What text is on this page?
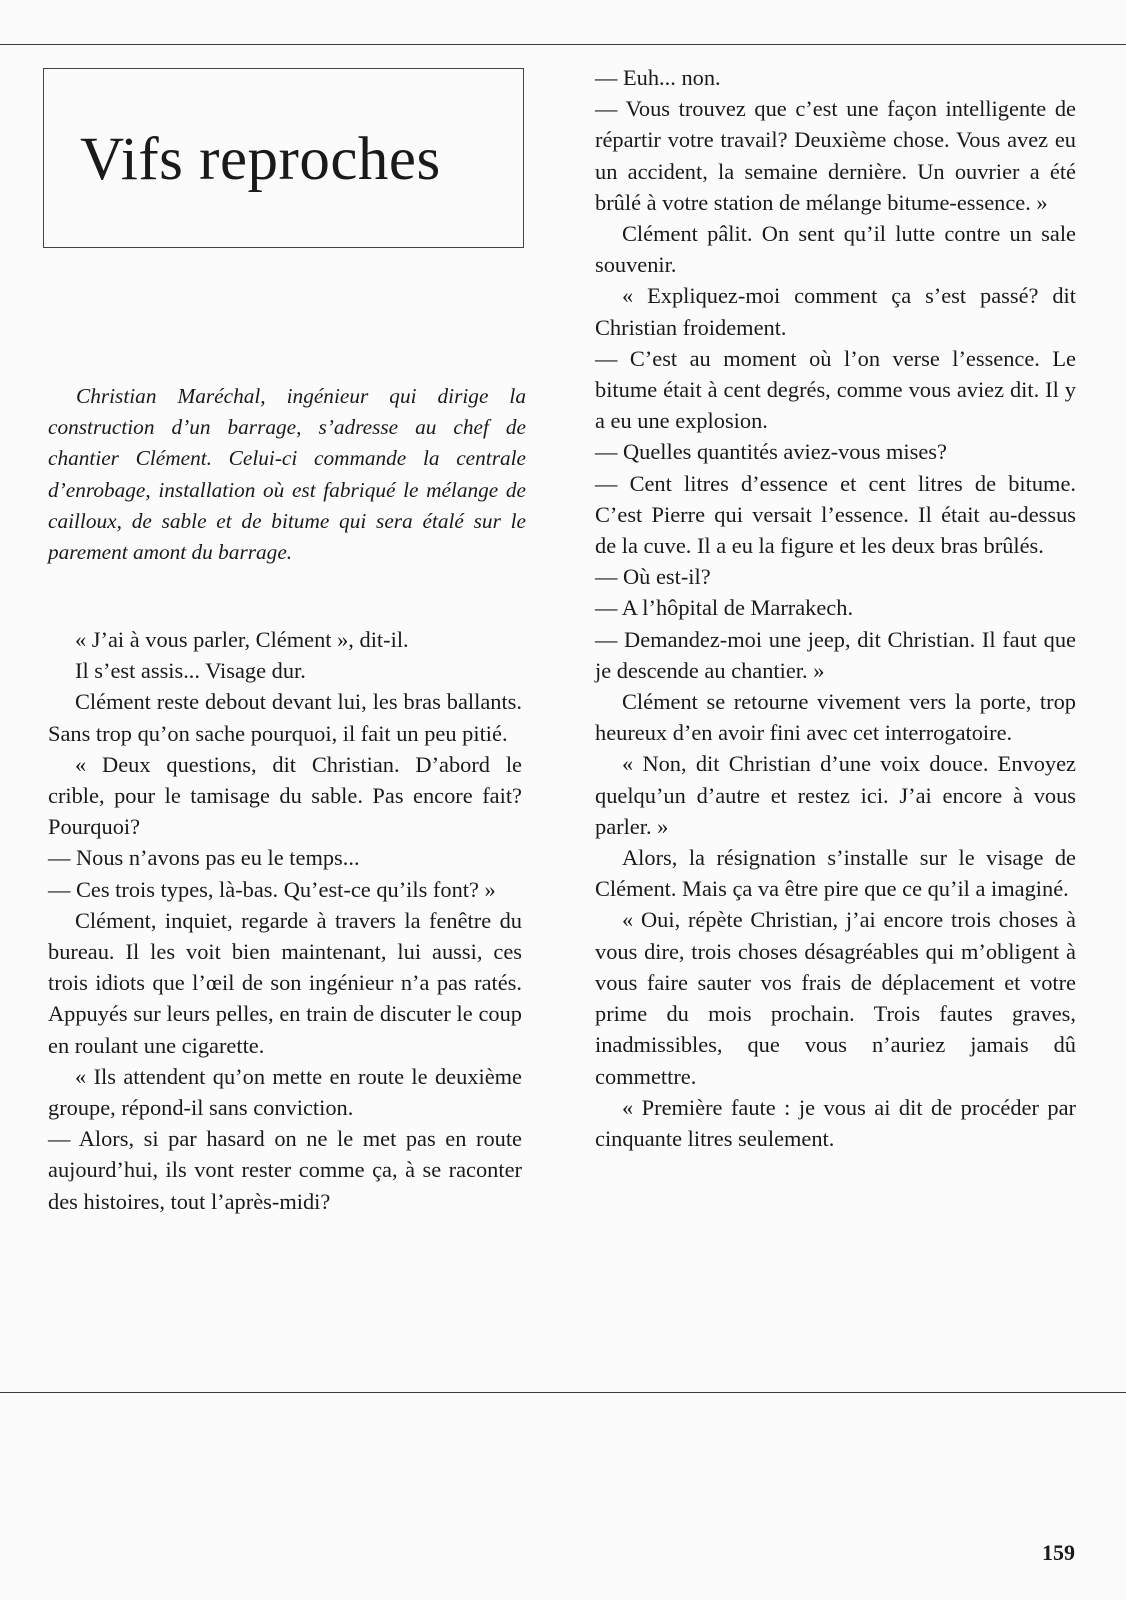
Vifs reproches

Christian Maréchal, ingénieur qui dirige la construction d’un barrage, s’adresse au chef de chantier Clément. Celui-ci commande la centrale d’enrobage, installation où est fabriqué le mélange de cailloux, de sable et de bitume qui sera étalé sur le parement amont du barrage.

« J’ai à vous parler, Clément », dit-il.

Il s’est assis... Visage dur.

Clément reste debout devant lui, les bras ballants. Sans trop qu’on sache pourquoi, il fait un peu pitié.

« Deux questions, dit Christian. D’abord le crible, pour le tamisage du sable. Pas encore fait? Pourquoi?

— Nous n’avons pas eu le temps...

— Ces trois types, là-bas. Qu’est-ce qu’ils font? »

Clément, inquiet, regarde à travers la fenêtre du bureau. Il les voit bien maintenant, lui aussi, ces trois idiots que l’œil de son ingénieur n’a pas ratés. Appuyés sur leurs pelles, en train de discuter le coup en roulant une cigarette.

« Ils attendent qu’on mette en route le deuxième groupe, répond-il sans conviction.

— Alors, si par hasard on ne le met pas en route aujourd’hui, ils vont rester comme ça, à se raconter des histoires, tout l’après-midi?

— Euh... non.

— Vous trouvez que c’est une façon intelligente de répartir votre travail? Deuxième chose. Vous avez eu un accident, la semaine dernière. Un ouvrier a été brûlé à votre station de mélange bitume-essence. »

Clément pâlit. On sent qu’il lutte contre un sale souvenir.

« Expliquez-moi comment ça s’est passé? dit Christian froidement.

— C’est au moment où l’on verse l’essence. Le bitume était à cent degrés, comme vous aviez dit. Il y a eu une explosion.

— Quelles quantités aviez-vous mises?

— Cent litres d’essence et cent litres de bitume. C’est Pierre qui versait l’essence. Il était au-dessus de la cuve. Il a eu la figure et les deux bras brûlés.

— Où est-il?

— A l’hôpital de Marrakech.

— Demandez-moi une jeep, dit Christian. Il faut que je descende au chantier. »

Clément se retourne vivement vers la porte, trop heureux d’en avoir fini avec cet interrogatoire.

« Non, dit Christian d’une voix douce. Envoyez quelqu’un d’autre et restez ici. J’ai encore à vous parler. »

Alors, la résignation s’installe sur le visage de Clément. Mais ça va être pire que ce qu’il a imaginé.

« Oui, répète Christian, j’ai encore trois choses à vous dire, trois choses désagréables qui m’obligent à vous faire sauter vos frais de déplacement et votre prime du mois prochain. Trois fautes graves, inadmissibles, que vous n’auriez jamais dû commettre.

« Première faute : je vous ai dit de procéder par cinquante litres seulement.

159
